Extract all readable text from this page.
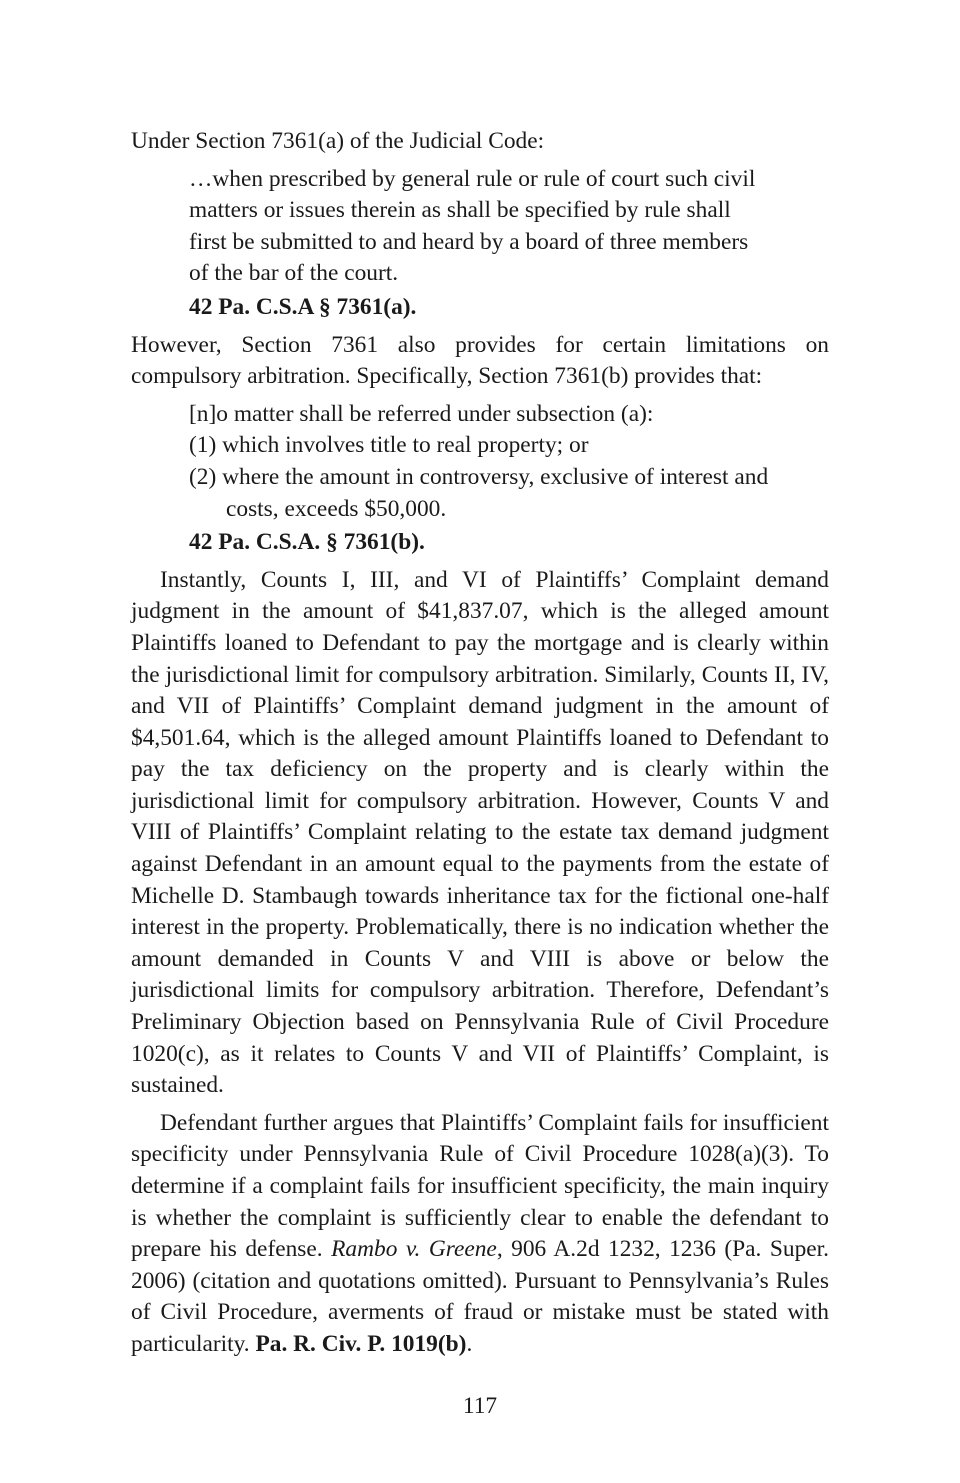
Under Section 7361(a) of the Judicial Code:

…when prescribed by general rule or rule of court such civil matters or issues therein as shall be specified by rule shall first be submitted to and heard by a board of three members of the bar of the court.

42 Pa. C.S.A § 7361(a).

However, Section 7361 also provides for certain limitations on compulsory arbitration. Specifically, Section 7361(b) provides that:

[n]o matter shall be referred under subsection (a):

(1) which involves title to real property; or

(2) where the amount in controversy, exclusive of interest and costs, exceeds $50,000.

42 Pa. C.S.A. § 7361(b).

Instantly, Counts I, III, and VI of Plaintiffs’ Complaint demand judgment in the amount of $41,837.07, which is the alleged amount Plaintiffs loaned to Defendant to pay the mortgage and is clearly within the jurisdictional limit for compulsory arbitration. Similarly, Counts II, IV, and VII of Plaintiffs’ Complaint demand judgment in the amount of $4,501.64, which is the alleged amount Plaintiffs loaned to Defendant to pay the tax deficiency on the property and is clearly within the jurisdictional limit for compulsory arbitration. However, Counts V and VIII of Plaintiffs’ Complaint relating to the estate tax demand judgment against Defendant in an amount equal to the payments from the estate of Michelle D. Stambaugh towards inheritance tax for the fictional one-half interest in the property. Problematically, there is no indication whether the amount demanded in Counts V and VIII is above or below the jurisdictional limits for compulsory arbitration. Therefore, Defendant’s Preliminary Objection based on Pennsylvania Rule of Civil Procedure 1020(c), as it relates to Counts V and VII of Plaintiffs’ Complaint, is sustained.

Defendant further argues that Plaintiffs’ Complaint fails for insufficient specificity under Pennsylvania Rule of Civil Procedure 1028(a)(3). To determine if a complaint fails for insufficient specificity, the main inquiry is whether the complaint is sufficiently clear to enable the defendant to prepare his defense. Rambo v. Greene, 906 A.2d 1232, 1236 (Pa. Super. 2006) (citation and quotations omitted). Pursuant to Pennsylvania’s Rules of Civil Procedure, averments of fraud or mistake must be stated with particularity. Pa. R. Civ. P. 1019(b).

117
